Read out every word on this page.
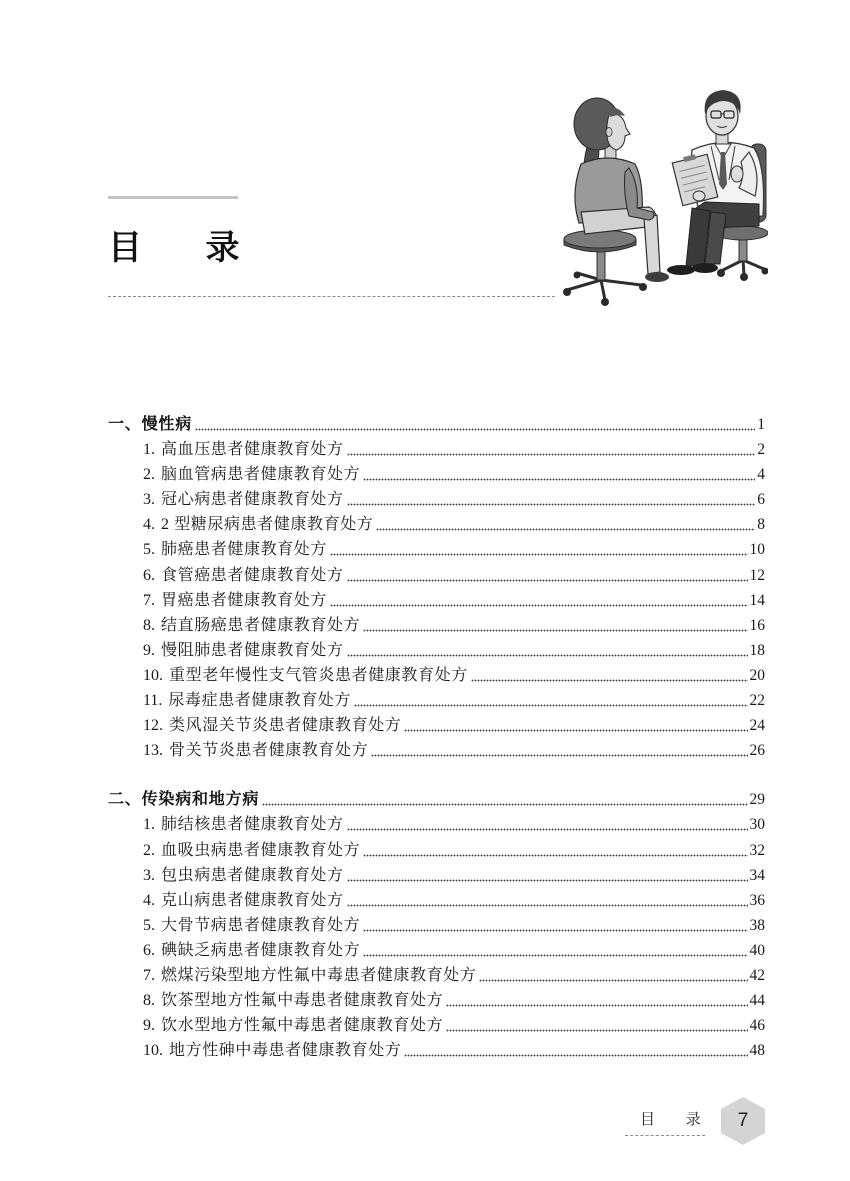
目 录
一、慢性病	1
1. 高血压患者健康教育处方	2
2. 脑血管病患者健康教育处方	4
3. 冠心病患者健康教育处方	6
4. 2 型糖尿病患者健康教育处方	8
5. 肺癌患者健康教育处方	10
6. 食管癌患者健康教育处方	12
7. 胃癌患者健康教育处方	14
8. 结直肠癌患者健康教育处方	16
9. 慢阻肺患者健康教育处方	18
10. 重型老年慢性支气管炎患者健康教育处方	20
11. 尿毒症患者健康教育处方	22
12. 类风湿关节炎患者健康教育处方	24
13. 骨关节炎患者健康教育处方	26
二、传染病和地方病	29
1. 肺结核患者健康教育处方	30
2. 血吸虫病患者健康教育处方	32
3. 包虫病患者健康教育处方	34
4. 克山病患者健康教育处方	36
5. 大骨节病患者健康教育处方	38
6. 碘缺乏病患者健康教育处方	40
7. 燃煤污染型地方性氟中毒患者健康教育处方	42
8. 饮茶型地方性氟中毒患者健康教育处方	44
9. 饮水型地方性氟中毒患者健康教育处方	46
10. 地方性砷中毒患者健康教育处方	48
目 录	7
